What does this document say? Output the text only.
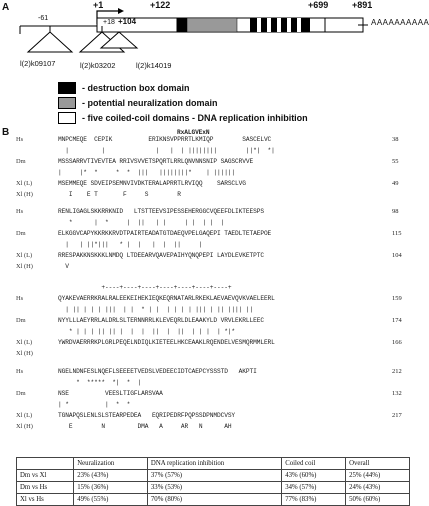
A	+1	+122	+699	+891
-61
+18 +104	AAAAAAAAAA
l(2)k09107	l(2)k03202	l(2)k14019
- destruction box domain
- potential neuralization domain
- five coiled-coil domains - DNA replication inhibition
B	RxALGVExN
Hs	MNPCMEQE  CEPIK          ERIKNSVPPRRTLKMIQP        SASCELVC	38
|         |              |   |  | ||||||||        ||*|  *|
Dm	MSSSARRVTIVEVTEA RRIVSVVETSPQRTLRRLQNVNNSNIP SAGSCRVVE	55
|     |*  *     *  *  |||   ||||||||*    | ||||||
Xl (L)	MSEMMEQE SDVEIPSEMNVIVDKTERALAPRRTLRVIQQ    SARSCLVG	49
Xl (H)	I    E T       F     S        R
Hs	RENLIGAGLSKKRRKNID   LTSTTEEVSIPESSEHERGGCVQEEFDLIKTEESPS	98
*      |  *     |  ||   | |     | |  | |  |
Dm	ELKGGVCAPYKKRKKRVDTPAIRTEADATGTDAEQVPELGAQEPI TAEDLTETAEPOE	115
|   | ||*|||   * |  |   |  |  ||     |
Xl (L)	RRESPAKKNSKKKLNMDQ LTDEEARVQAVEPAIHYQNQPEPI LAYDLEVKETPTC	104
Xl (H)	V
+----+----+----+----+----+----+----+
Hs	QYAKEVAERRKRALRALEEKEIHEKIEQKEQRNATARLRKEKLAEVAEVQVKVAELEERL	159
| || | | | |||  | |  * | |  | | | | ||| | || |||| ||
Dm	NYYLLLAEYRRLALDRLSLTERNNRRLKLEVEQRLDLEAAKYLD VRVLEKRLLEEC	174
* | | | || || |  |  |  ||  |  ||  | | |  | *|*
Xl (L)	YWRDVAERRRKPLGRLPEQELNDIQLKIETEELHKCEAAKLRQENDELVESMQRMMLERL	166
Xl (H)
Hs	NGELNDNFESLNQEFLSEEEETVEDSLVEDEECIDTCAEPCYSSSTD   AKPTI	212
*  *****  *|  *  |
Dm	NSE          VEESLTIGFLARSVAA	132
| *          |  *  *
Xl (L)	TGNAPQSLENLSLSTEARPEDEA   EQRIPEDRFPQPSSDPNMDCVSY	217
Xl (H)	E        N         DMA   A     AR   N      AH
	Neuralization	DNA replication inhibition	Coiled coil	Overall
Dm vs Xl	23% (43%)	37% (57%)	43% (60%)	25% (44%)
Dm vs Hs	15% (36%)	33% (53%)	34% (57%)	24% (43%)
Xl vs Hs	49% (55%)	70% (80%)	77% (83%)	50% (60%)
